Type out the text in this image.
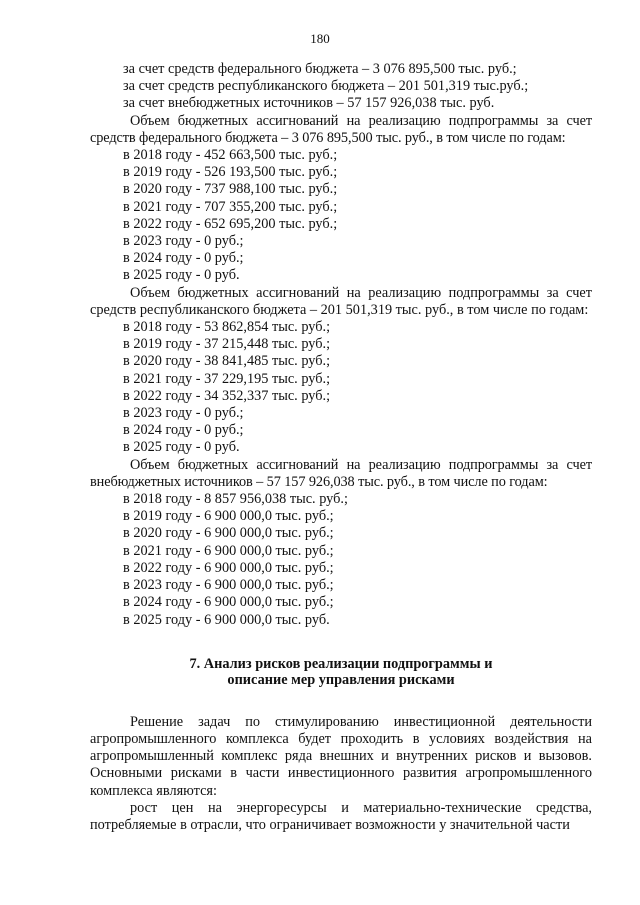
180

за счет средств федерального бюджета – 3 076 895,500 тыс. руб.;

за счет средств республиканского бюджета – 201 501,319 тыс.руб.;

за счет внебюджетных источников – 57 157 926,038 тыс. руб.

Объем бюджетных ассигнований на реализацию подпрограммы за счет средств федерального бюджета – 3 076 895,500 тыс. руб., в том числе по годам:

в 2018 году - 452 663,500 тыс. руб.;

в 2019 году - 526 193,500 тыс. руб.;

в 2020 году - 737 988,100 тыс. руб.;

в 2021 году - 707 355,200 тыс. руб.;

в 2022 году - 652 695,200 тыс. руб.;

в 2023 году - 0 руб.;

в 2024 году - 0 руб.;

в 2025 году - 0 руб.

Объем бюджетных ассигнований на реализацию подпрограммы за счет средств республиканского бюджета – 201 501,319 тыс. руб., в том числе по годам:

в 2018 году - 53 862,854 тыс. руб.;

в 2019 году - 37 215,448 тыс. руб.;

в 2020 году - 38 841,485 тыс. руб.;

в 2021 году - 37 229,195 тыс. руб.;

в 2022 году - 34 352,337 тыс. руб.;

в 2023 году - 0 руб.;

в 2024 году - 0 руб.;

в 2025 году - 0 руб.

Объем бюджетных ассигнований на реализацию подпрограммы за счет внебюджетных источников – 57 157 926,038 тыс. руб., в том числе по годам:

в 2018 году - 8 857 956,038 тыс. руб.;

в 2019 году - 6 900 000,0 тыс. руб.;

в 2020 году - 6 900 000,0 тыс. руб.;

в 2021 году - 6 900 000,0 тыс. руб.;

в 2022 году - 6 900 000,0 тыс. руб.;

в 2023 году - 6 900 000,0 тыс. руб.;

в 2024 году - 6 900 000,0 тыс. руб.;

в 2025 году - 6 900 000,0 тыс. руб.

7. Анализ рисков реализации подпрограммы и
описание мер управления рисками

Решение задач по стимулированию инвестиционной деятельности агропромышленного комплекса будет проходить в условиях воздействия на агропромышленный комплекс ряда внешних и внутренних рисков и вызовов. Основными рисками в части инвестиционного развития агропромышленного комплекса являются:

рост цен на энергоресурсы и материально-технические средства, потребляемые в отрасли, что ограничивает возможности у значительной части
